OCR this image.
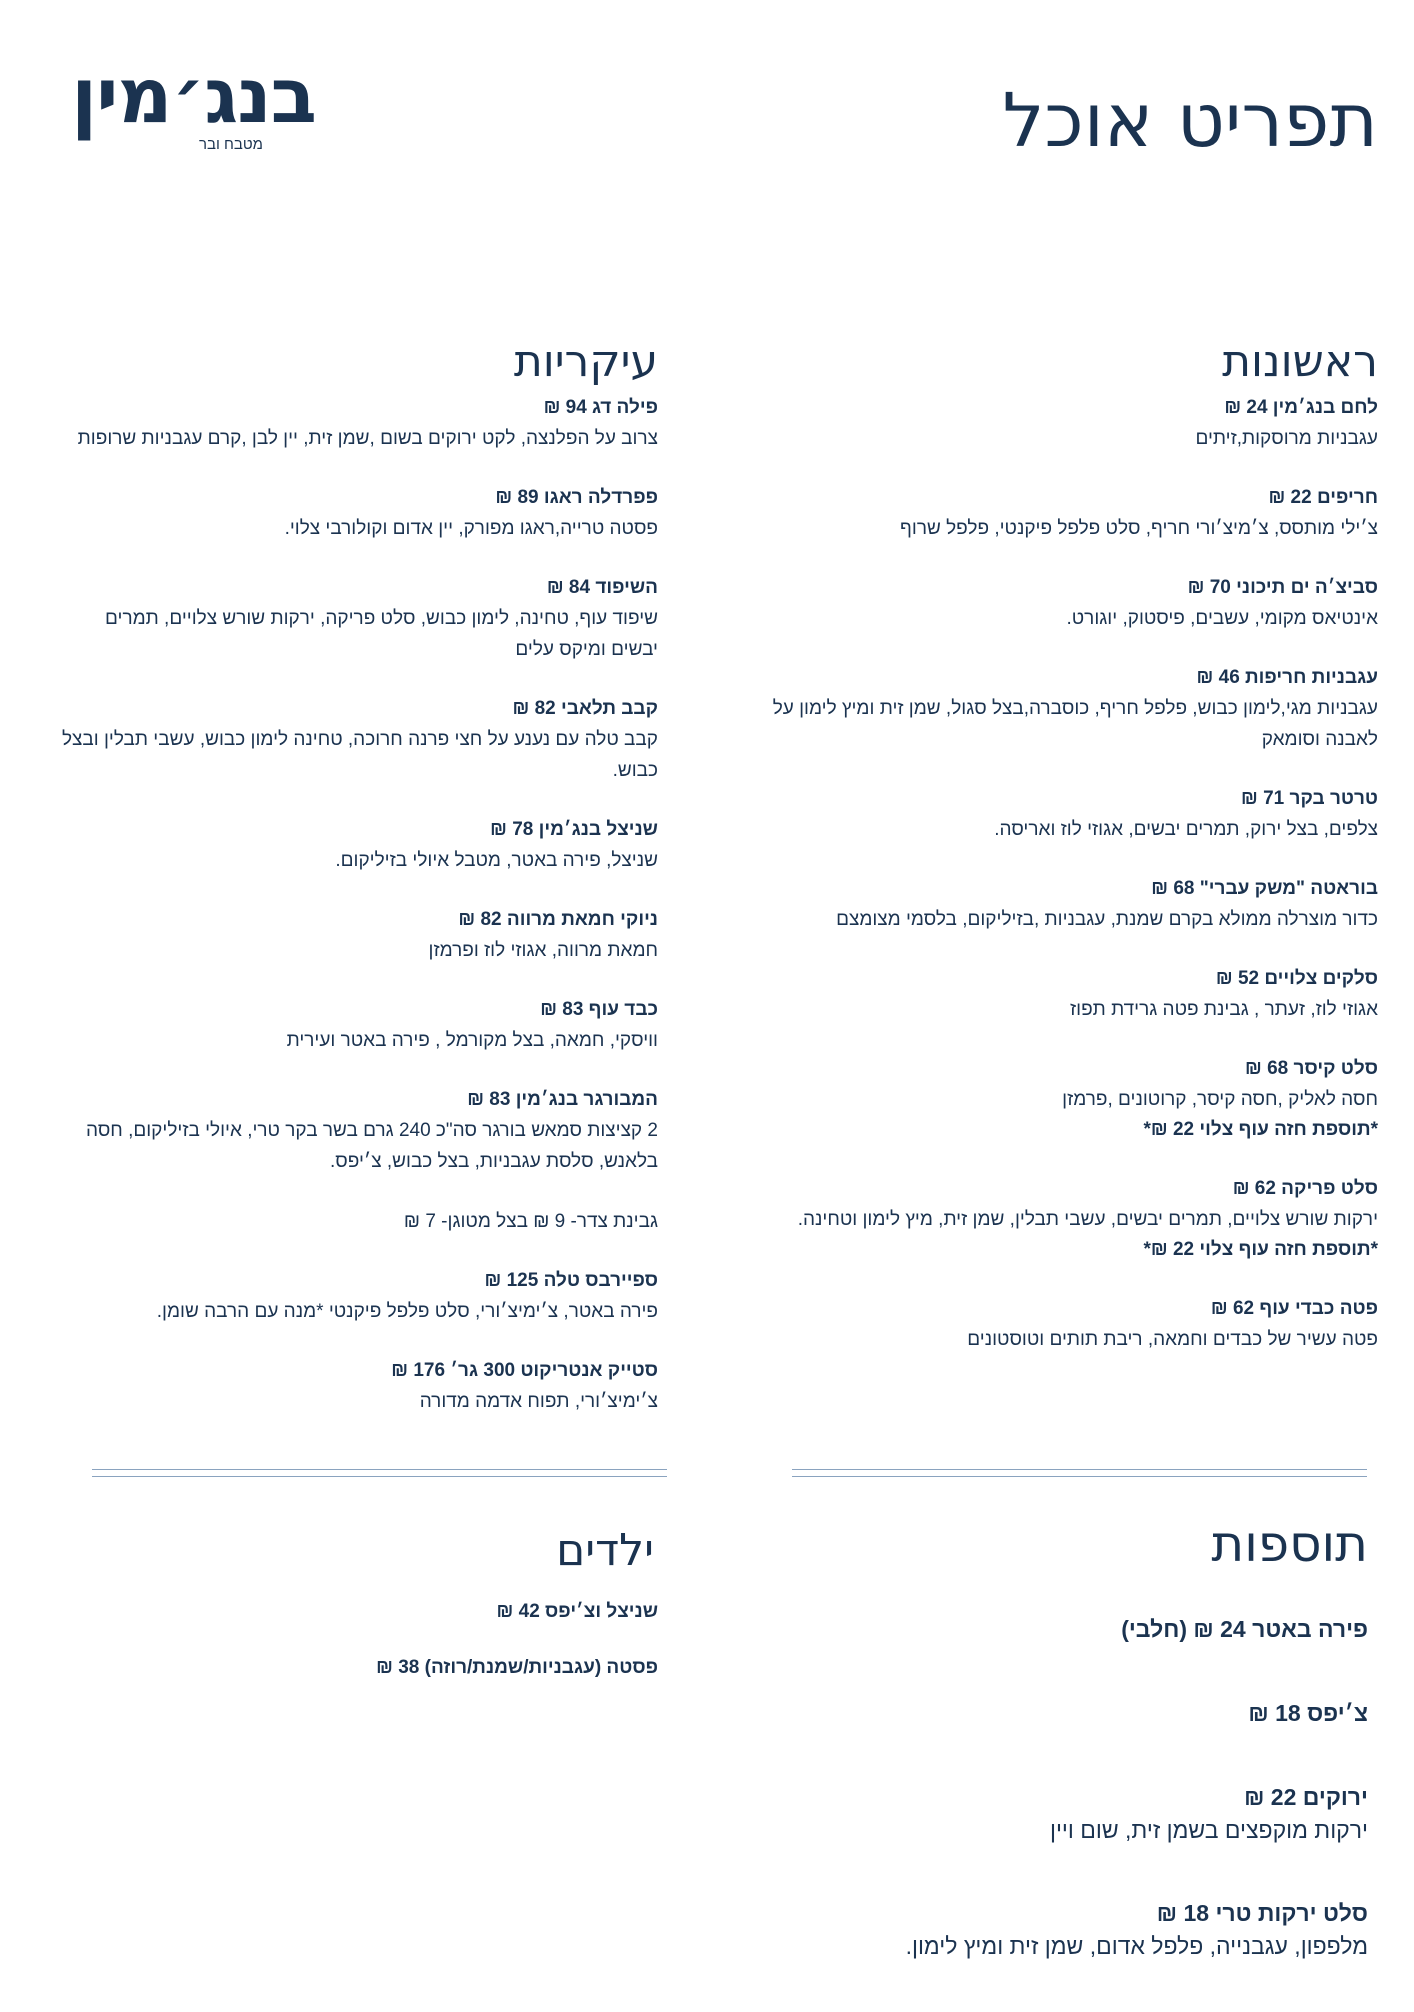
תפריט אוכל
בנג׳מין
מטבח ובר
ראשונות
לחם בנג׳מין 24 ₪
עגבניות מרוסקות,זיתים
חריפים 22 ₪
צ׳ילי מותסס, צ׳מיצ׳ורי חריף, סלט פלפל פיקנטי, פלפל שרוף
סביצ׳ה ים תיכוני 70 ₪
אינטיאס מקומי, עשבים, פיסטוק, יוגורט.
עגבניות חריפות 46 ₪
עגבניות מגי,לימון כבוש, פלפל חריף, כוסברה,בצל סגול, שמן זית ומיץ לימון על לאבנה וסומאק
טרטר בקר 71 ₪
צלפים, בצל ירוק, תמרים יבשים, אגוזי לוז ואריסה.
בוראטה "משק עברי" 68 ₪
כדור מוצרלה ממולא בקרם שמנת, עגבניות ,בזיליקום, בלסמי מצומצם
סלקים צלויים 52 ₪
אגוזי לוז, זעתר , גבינת פטה גרידת תפוז
סלט קיסר 68 ₪
חסה לאליק ,חסה קיסר, קרוטונים ,פרמזן
*תוספת חזה עוף צלוי 22 ₪*
סלט פריקה 62 ₪
ירקות שורש צלויים, תמרים יבשים, עשבי תבלין, שמן זית, מיץ לימון וטחינה.
*תוספת חזה עוף צלוי 22 ₪*
פטה כבדי עוף 62 ₪
פטה עשיר של כבדים וחמאה, ריבת תותים וטוסטונים
עיקריות
פילה דג 94 ₪
צרוב על הפלנצה, לקט ירוקים בשום ,שמן זית, יין לבן ,קרם עגבניות שרופות
פפרדלה ראגו 89 ₪
פסטה טרייה,ראגו מפורק, יין אדום וקולורבי צלוי.
השיפוד 84 ₪
שיפוד עוף, טחינה, לימון כבוש, סלט פריקה, ירקות שורש צלויים, תמרים יבשים ומיקס עלים
קבב תלאבי 82 ₪
קבב טלה עם נענע על חצי פרנה חרוכה, טחינה לימון כבוש, עשבי תבלין ובצל כבוש.
שניצל בנג׳מין 78 ₪
שניצל, פירה באטר, מטבל איולי בזיליקום.
ניוקי חמאת מרווה 82 ₪
חמאת מרווה, אגוזי לוז ופרמזן
כבד עוף 83 ₪
וויסקי, חמאה, בצל מקורמל , פירה באטר ועירית
המבורגר בנג׳מין 83 ₪
2 קציצות סמאש בורגר סה"כ 240 גרם בשר בקר טרי, איולי בזיליקום, חסה בלאנש, סלסת עגבניות, בצל כבוש, צ׳יפס.
גבינת צדר- 9 ₪ בצל מטוגן- 7 ₪
ספיירבס טלה 125 ₪
פירה באטר, צ׳ימיצ׳ורי, סלט פלפל פיקנטי *מנה עם הרבה שומן.
סטייק אנטריקוט 300 גר׳ 176 ₪
צ׳ימיצ׳ורי, תפוח אדמה מדורה
תוספות
ילדים
פירה באטר 24 ₪ (חלבי)
צ׳יפס 18 ₪
ירוקים 22 ₪
ירקות מוקפצים בשמן זית, שום ויין
סלט ירקות טרי 18 ₪
מלפפון, עגבנייה, פלפל אדום, שמן זית ומיץ לימון.
שניצל וצ׳יפס 42 ₪
פסטה (עגבניות/שמנת/רוזה) 38 ₪
